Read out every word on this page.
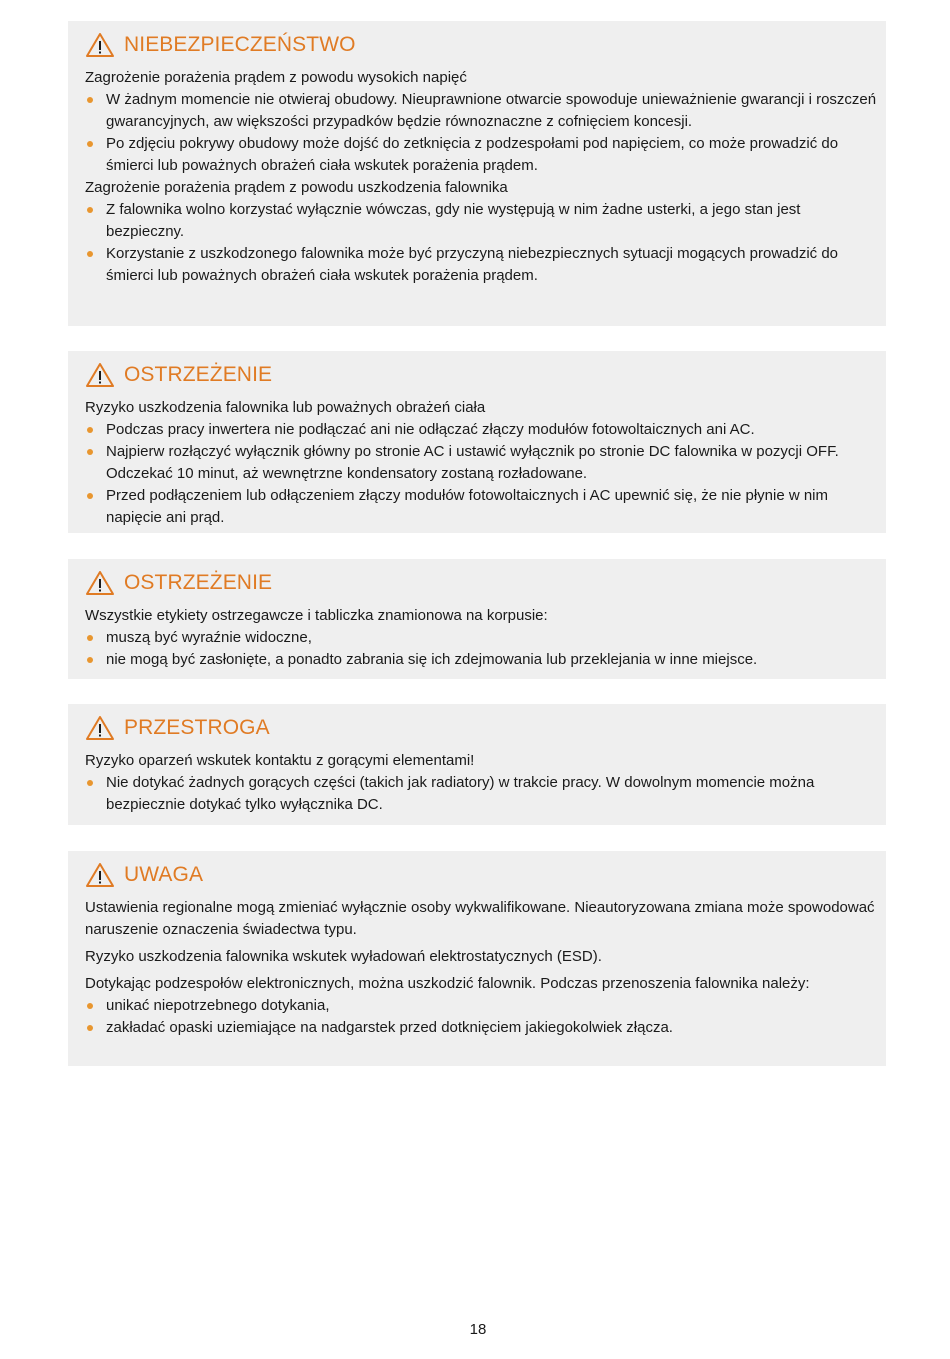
NIEBEZPIECZEŃSTWO

Zagrożenie porażenia prądem z powodu wysokich napięć

W żadnym momencie nie otwieraj obudowy. Nieuprawnione otwarcie spowoduje unieważnienie gwarancji i roszczeń gwarancyjnych, aw większości przypadków będzie równoznaczne z cofnięciem koncesji.
Po zdjęciu pokrywy obudowy może dojść do zetknięcia z podzespołami pod napięciem, co może prowadzić do śmierci lub poważnych obrażeń ciała wskutek porażenia prądem.

Zagrożenie porażenia prądem z powodu uszkodzenia falownika

Z falownika wolno korzystać wyłącznie wówczas, gdy nie występują w nim żadne usterki, a jego stan jest bezpieczny.
Korzystanie z uszkodzonego falownika może być przyczyną niebezpiecznych sytuacji mogących prowadzić do śmierci lub poważnych obrażeń ciała wskutek porażenia prądem.
OSTRZEŻENIE

Ryzyko uszkodzenia falownika lub poważnych obrażeń ciała

Podczas pracy inwertera nie podłączać ani nie odłączać złączy modułów fotowoltaicznych ani AC.
Najpierw rozłączyć wyłącznik główny po stronie AC i ustawić wyłącznik po stronie DC falownika w pozycji OFF. Odczekać 10 minut, aż wewnętrzne kondensatory zostaną rozładowane.
Przed podłączeniem lub odłączeniem złączy modułów fotowoltaicznych i AC upewnić się, że nie płynie w nim napięcie ani prąd.
OSTRZEŻENIE

Wszystkie etykiety ostrzegawcze i tabliczka znamionowa na korpusie:

muszą być wyraźnie widoczne,
nie mogą być zasłonięte, a ponadto zabrania się ich zdejmowania lub przeklejania w inne miejsce.
PRZESTROGA

Ryzyko oparzeń wskutek kontaktu z gorącymi elementami!

Nie dotykać żadnych gorących części (takich jak radiatory) w trakcie pracy. W dowolnym momencie można bezpiecznie dotykać tylko wyłącznika DC.
UWAGA

Ustawienia regionalne mogą zmieniać wyłącznie osoby wykwalifikowane. Nieautoryzowana zmiana może spowodować naruszenie oznaczenia świadectwa typu.

Ryzyko uszkodzenia falownika wskutek wyładowań elektrostatycznych (ESD).

Dotykając podzespołów elektronicznych, można uszkodzić falownik. Podczas przenoszenia falownika należy:

unikać niepotrzebnego dotykania,
zakładać opaski uziemiające na nadgarstek przed dotknięciem jakiegokolwiek złącza.
18
